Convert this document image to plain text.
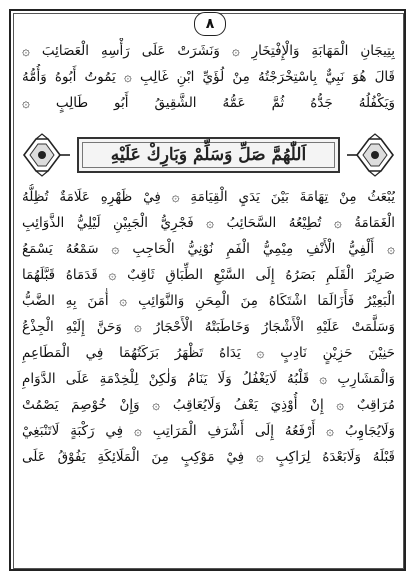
٨
بِتِيجَانِ الْمَهَابَةِ وَالْإِفْتِخَارِ ۞ وَنَشَرَتْ عَلَى رَأْسِهِ الْعَصَائِبَ ۞
قَالَ هُوَ نَبِيٌّ بِاسْتِخْرَجْتُهُ مِنْ لُؤَيِّ ابْنِ غَالِبِ ۞ يَمُوتُ أَبُوهُ وَأُمُّهُ
وَيَكْفُلُهُ جَدُّهُ ثُمَّ عَمُّهُ الشَّقِيقُ أَبُو طَالِبٍ ۞
اَللّٰهُمَّ صَلِّ وَسَلِّمْ وَبَارِكْ عَلَيْهِ
يُبْعَثُ مِنْ تِهَامَةَ بَيْنَ يَدَيِ الْقِيَامَةِ ۞ فِيْ ظَهْرِهِ عَلَامَةٌ تُظِلُّهُ
الْغَمَامَةُ ۞ تُطِيْعُهُ السَّحَائِبُ ۞ فَجْرِيُّ الْجَبِيْنِ لَيْلِيُّ الذَّوَائِبِ
۞ أَلْفِيُّ الْأَنْفِ مِيْمِيُّ الْفَمِ نُوْنِيُّ الْحَاجِبِ ۞ سَمْعُهُ يَسْمَعُ
صَرِيْرَ الْقَلَمِ بَصَرُهُ إِلَى السَّبْعِ الطِّبَاقِ ثَاقِبٌ ۞ قَدَمَاهُ قَبَّلَهُمَا
الْبَعِيْرُ فَأَزَالَمَا اشْتَكَاهُ مِنَ الْمِحَنِ وَالنَّوَائِبِ ۞ أٰمَنَ بِهِ الضَّبُّ
وَسَلَّمَتْ عَلَيْهِ الْأَشْجَارُ وَخَاطَبَتْهُ الْأَحْجَارُ ۞ وَحَنَّ إِلَيْهِ الْجِذْعُ
حَنِيْنَ حَزِيْنٍ نَادِبٍ ۞ يَدَاهُ تَظْهَرُ بَرَكَتُهُمَا فِي الْمَطَاعِمِ
وَالْمَشَارِبِ ۞ قَلْبُهُ لَايَغْفُلُ وَلَا يَنَامُ وَلٰكِنْ لِلْخِدْمَةِ عَلَى الدَّوَامِ
مُرَاقِبٌ ۞ إِنْ أُوْذِيَ يَعْفُ وَلَايُعَاقِبُ ۞ وَإِنْ خُوْصِمَ يَصْمُتْ
وَلَايُجَاوِبُ ۞ أَرْفَعُهُ إِلَى أَشْرَفِ الْمَرَاتِبِ ۞ فِي رَكْبَةٍ لَاتَنْبَغِيْ
قَبْلَهُ وَلَابَعْدَهُ لِرَاكِبٍ ۞ فِيْ مَوْكِبٍ مِنَ الْمَلَائِكَةِ يَفُوْقُ عَلَى
